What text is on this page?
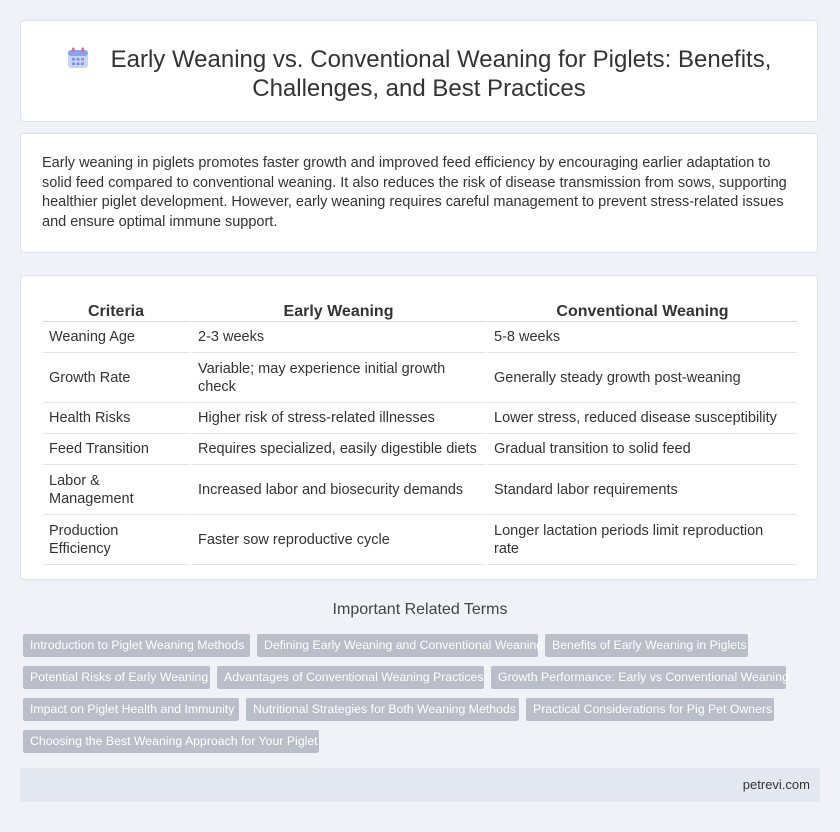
Early Weaning vs. Conventional Weaning for Piglets: Benefits,
Challenges, and Best Practices
Early weaning in piglets promotes faster growth and improved feed efficiency by encouraging earlier adaptation to solid feed compared to conventional weaning. It also reduces the risk of disease transmission from sows, supporting healthier piglet development. However, early weaning requires careful management to prevent stress-related issues and ensure optimal immune support.
Criteria	Early Weaning	Conventional Weaning
Weaning Age	2-3 weeks	5-8 weeks
Growth Rate	Variable; may experience initial growth check	Generally steady growth post-weaning
Health Risks	Higher risk of stress-related illnesses	Lower stress, reduced disease susceptibility
Feed Transition	Requires specialized, easily digestible diets	Gradual transition to solid feed
Labor & Management	Increased labor and biosecurity demands	Standard labor requirements
Production Efficiency	Faster sow reproductive cycle	Longer lactation periods limit reproduction rate
Important Related Terms
Introduction to Piglet Weaning Methods	Defining Early Weaning and Conventional Weaning Benefits of Early Weaning in Piglets
Potential Risks of Early Weaning	Advantages of Conventional Weaning Practices	Growth Performance: Early vs Conventional Weaning
Impact on Piglet Health and Immunity	Nutritional Strategies for Both Weaning Methods	Practical Considerations for Pig Pet Owners
Choosing the Best Weaning Approach for Your Piglet
petrevi.com
